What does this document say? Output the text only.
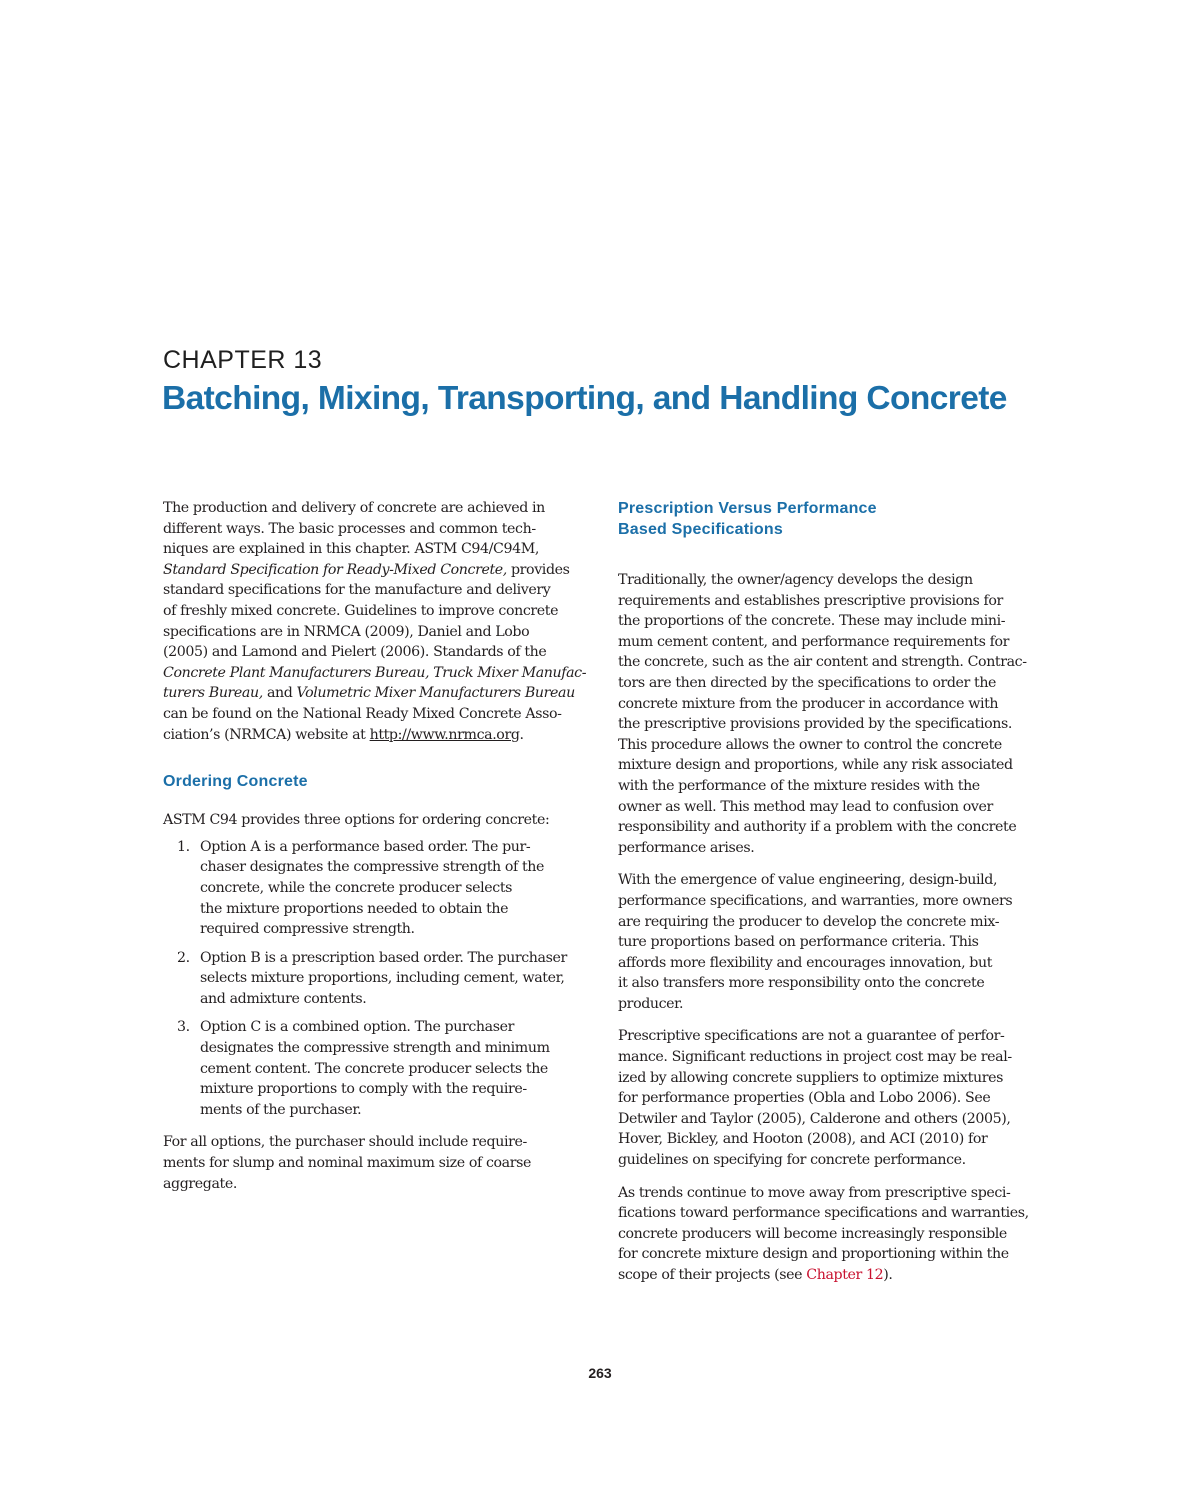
CHAPTER 13
Batching, Mixing, Transporting, and Handling Concrete

The production and delivery of concrete are achieved in
different ways. The basic processes and common tech-
niques are explained in this chapter. ASTM C94/C94M,
Standard Specification for Ready-Mixed Concrete, provides
standard specifications for the manufacture and delivery
of freshly mixed concrete. Guidelines to improve concrete
specifications are in NRMCA (2009), Daniel and Lobo
(2005) and Lamond and Pielert (2006). Standards of the
Concrete Plant Manufacturers Bureau, Truck Mixer Manufac-
turers Bureau, and Volumetric Mixer Manufacturers Bureau
can be found on the National Ready Mixed Concrete Asso-
ciation’s (NRMCA) website at http://www.nrmca.org.

Ordering Concrete

ASTM C94 provides three options for ordering concrete:

1. Option A is a performance based order. The pur-
chaser designates the compressive strength of the
concrete, while the concrete producer selects
the mixture proportions needed to obtain the
required compressive strength.
2. Option B is a prescription based order. The purchaser
selects mixture proportions, including cement, water,
and admixture contents.
3. Option C is a combined option. The purchaser
designates the compressive strength and minimum
cement content. The concrete producer selects the
mixture proportions to comply with the require-
ments of the purchaser.

For all options, the purchaser should include require-
ments for slump and nominal maximum size of coarse
aggregate.

Prescription Versus Performance
Based Specifications

Traditionally, the owner/agency develops the design
requirements and establishes prescriptive provisions for
the proportions of the concrete. These may include mini-
mum cement content, and performance requirements for
the concrete, such as the air content and strength. Contrac-
tors are then directed by the specifications to order the
concrete mixture from the producer in accordance with
the prescriptive provisions provided by the specifications.
This procedure allows the owner to control the concrete
mixture design and proportions, while any risk associated
with the performance of the mixture resides with the
owner as well. This method may lead to confusion over
responsibility and authority if a problem with the concrete
performance arises.

With the emergence of value engineering, design-build,
performance specifications, and warranties, more owners
are requiring the producer to develop the concrete mix-
ture proportions based on performance criteria. This
affords more flexibility and encourages innovation, but
it also transfers more responsibility onto the concrete
producer.

Prescriptive specifications are not a guarantee of perfor-
mance. Significant reductions in project cost may be real-
ized by allowing concrete suppliers to optimize mixtures
for performance properties (Obla and Lobo 2006). See
Detwiler and Taylor (2005), Calderone and others (2005),
Hover, Bickley, and Hooton (2008), and ACI (2010) for
guidelines on specifying for concrete performance.

As trends continue to move away from prescriptive speci-
fications toward performance specifications and warranties,
concrete producers will become increasingly responsible
for concrete mixture design and proportioning within the
scope of their projects (see Chapter 12).

263
